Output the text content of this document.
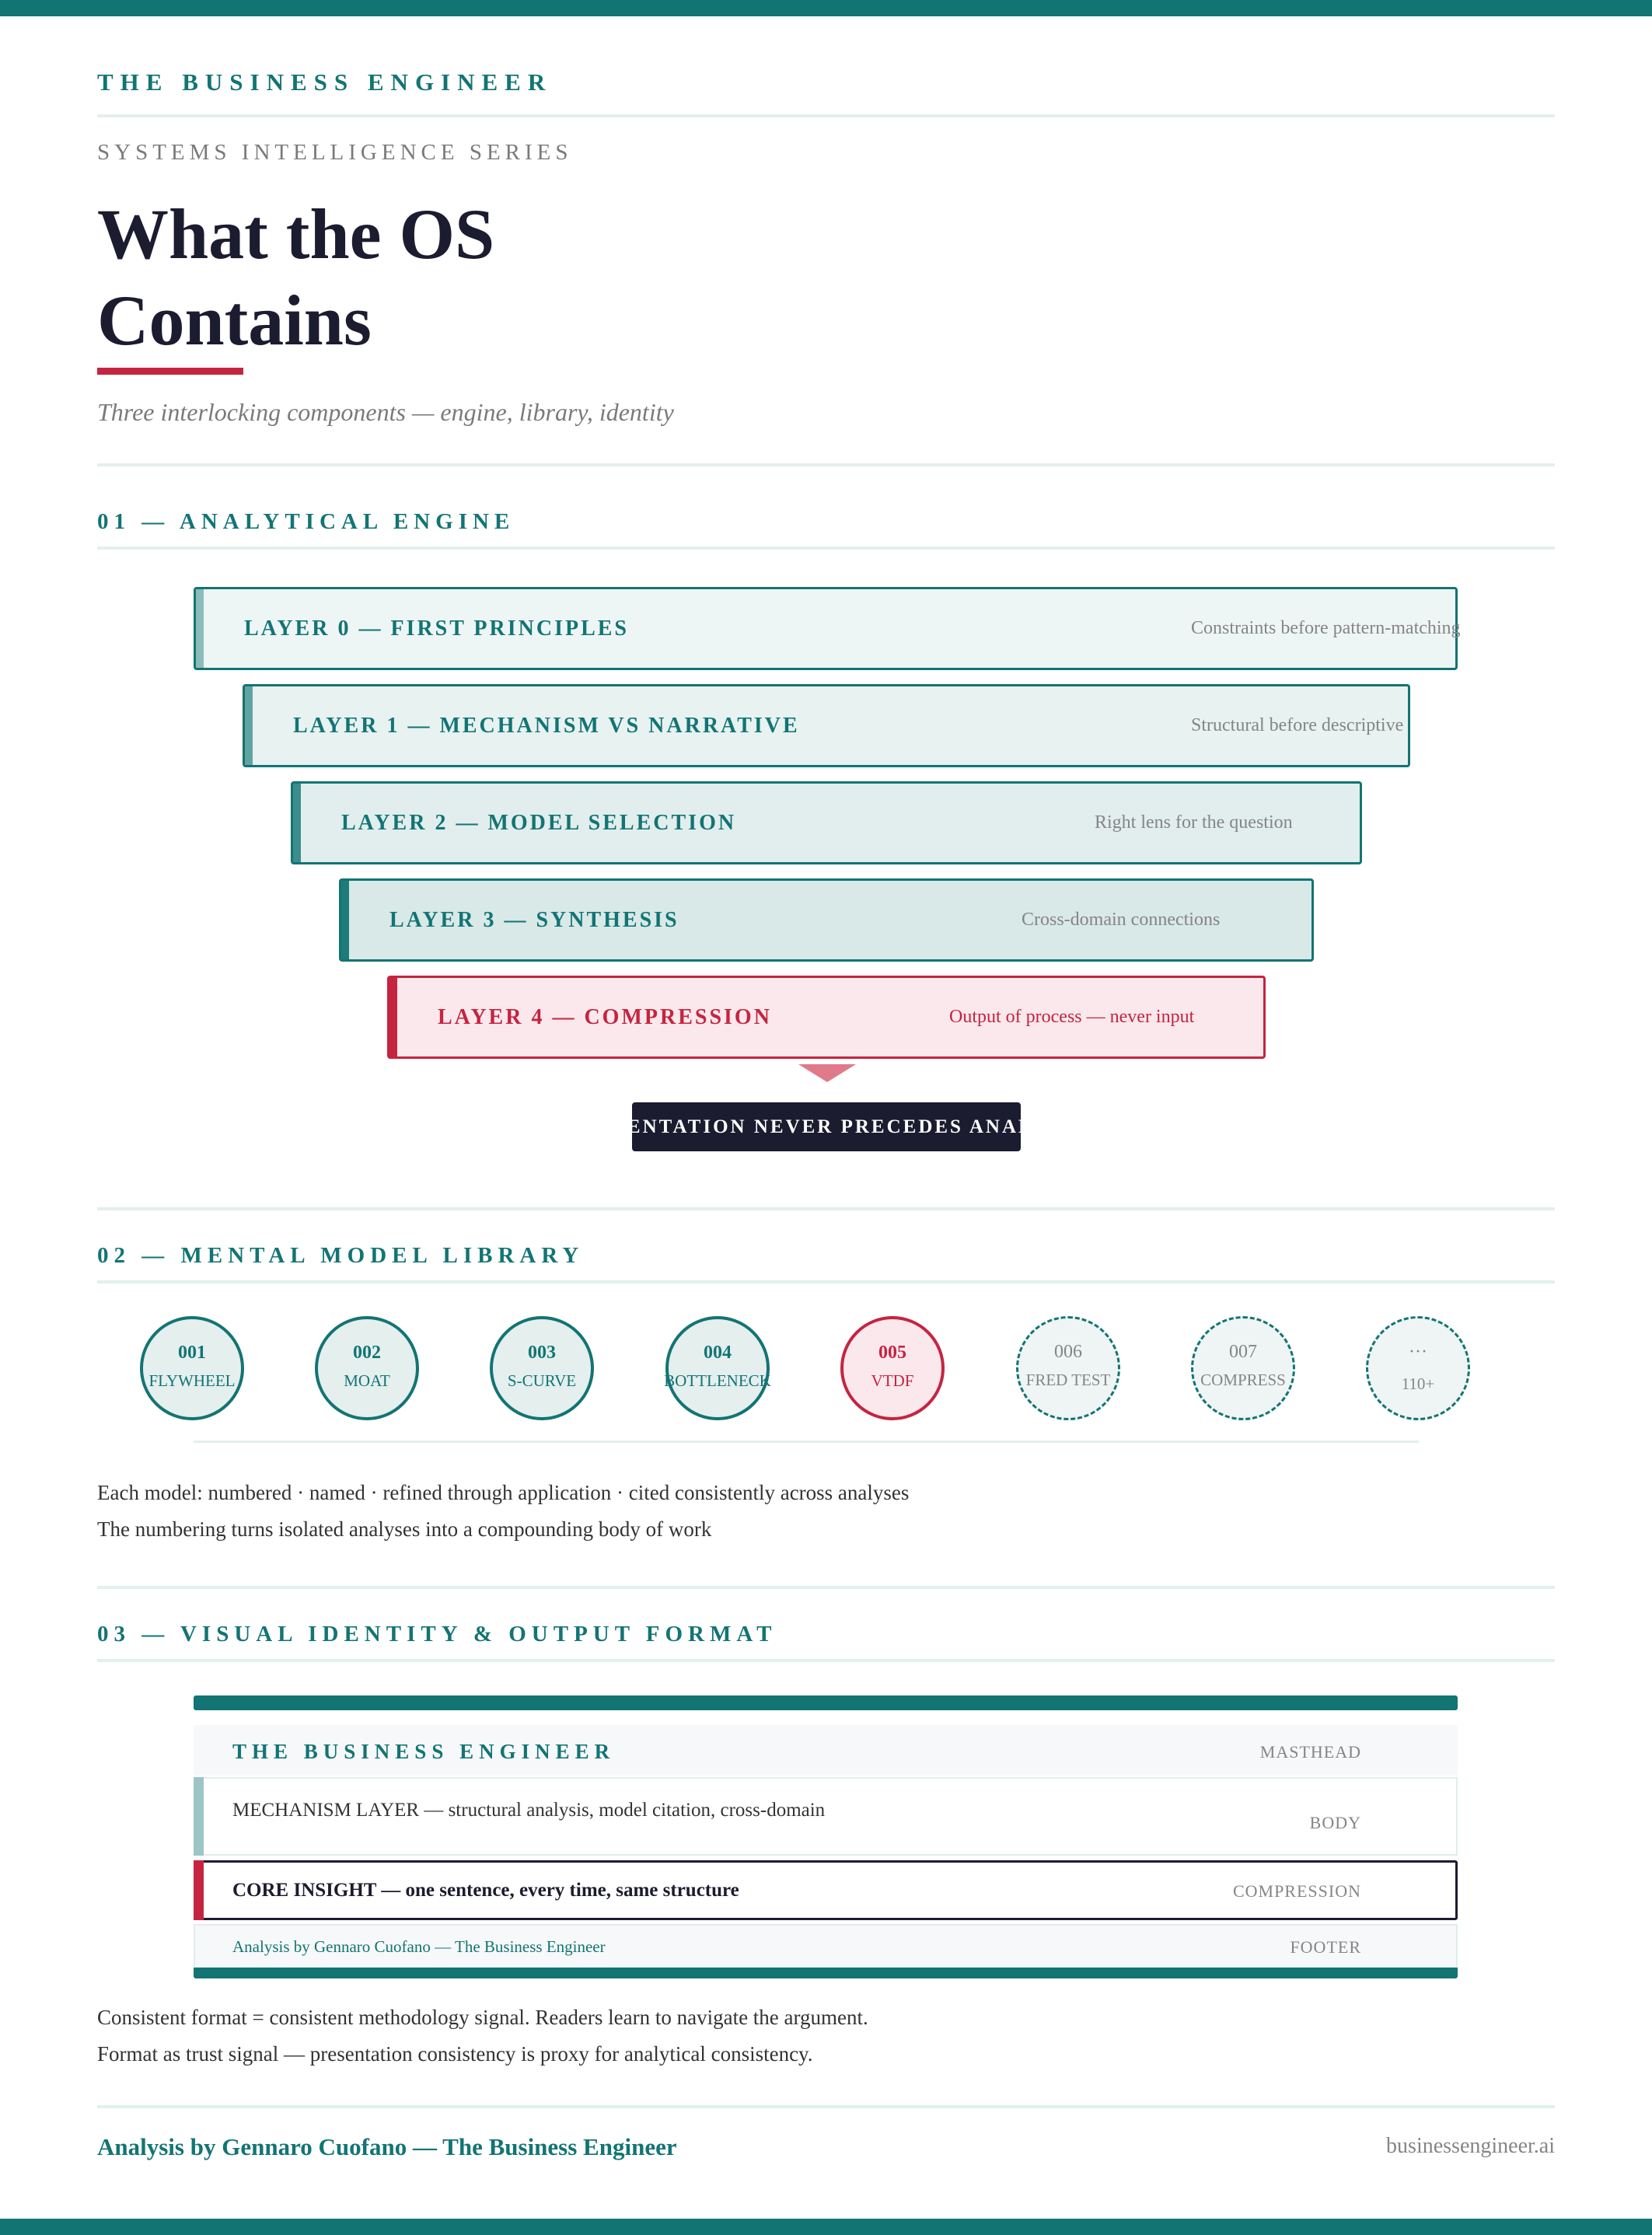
THE BUSINESS ENGINEER
SYSTEMS INTELLIGENCE SERIES
What the OS
Contains
Three interlocking components — engine, library, identity
01 — ANALYTICAL ENGINE
LAYER 0 — FIRST PRINCIPLES	Constraints before pattern-matching
LAYER 1 — MECHANISM VS NARRATIVE	Structural before descriptive
LAYER 2 — MODEL SELECTION	Right lens for the question
LAYER 3 — SYNTHESIS	Cross-domain connections
LAYER 4 — COMPRESSION	Output of process — never input
PRESENTATION NEVER PRECEDES ANALYSIS
02 — MENTAL MODEL LIBRARY
001
FLYWHEEL
002
MOAT
003
S-CURVE
004
BOTTLENECK
005
VTDF
006
FRED TEST
007
COMPRESS
···
110+
Each model: numbered · named · refined through application · cited consistently across analyses
The numbering turns isolated analyses into a compounding body of work
03 — VISUAL IDENTITY & OUTPUT FORMAT
THE BUSINESS ENGINEER	MASTHEAD
MECHANISM LAYER — structural analysis, model citation, cross-domain
BODY
CORE INSIGHT — one sentence, every time, same structure	COMPRESSION
Analysis by Gennaro Cuofano — The Business Engineer	FOOTER
Consistent format = consistent methodology signal. Readers learn to navigate the argument.
Format as trust signal — presentation consistency is proxy for analytical consistency.
Analysis by Gennaro Cuofano — The Business Engineer	businessengineer.ai
